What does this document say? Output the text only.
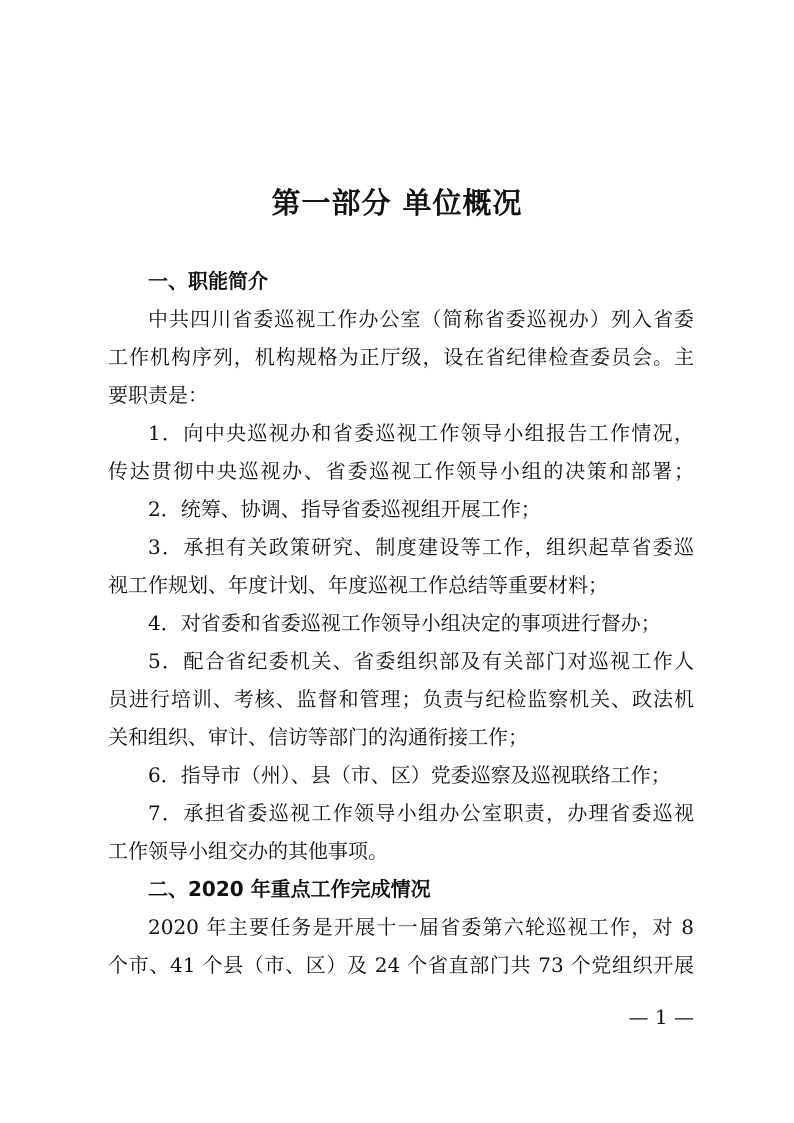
第一部分 单位概况
一、职能简介
中共四川省委巡视工作办公室（简称省委巡视办）列入省委
工作机构序列，机构规格为正厅级，设在省纪律检查委员会。主
要职责是：
1．向中央巡视办和省委巡视工作领导小组报告工作情况，
传达贯彻中央巡视办、省委巡视工作领导小组的决策和部署；
2．统筹、协调、指导省委巡视组开展工作；
3．承担有关政策研究、制度建设等工作，组织起草省委巡
视工作规划、年度计划、年度巡视工作总结等重要材料；
4．对省委和省委巡视工作领导小组决定的事项进行督办；
5．配合省纪委机关、省委组织部及有关部门对巡视工作人
员进行培训、考核、监督和管理；负责与纪检监察机关、政法机
关和组织、审计、信访等部门的沟通衔接工作；
6．指导市（州）、县（市、区）党委巡察及巡视联络工作；
7．承担省委巡视工作领导小组办公室职责，办理省委巡视
工作领导小组交办的其他事项。
二、2020 年重点工作完成情况
2020 年主要任务是开展十一届省委第六轮巡视工作，对 8
个市、41 个县（市、区）及 24 个省直部门共 73 个党组织开展
— 1 —
